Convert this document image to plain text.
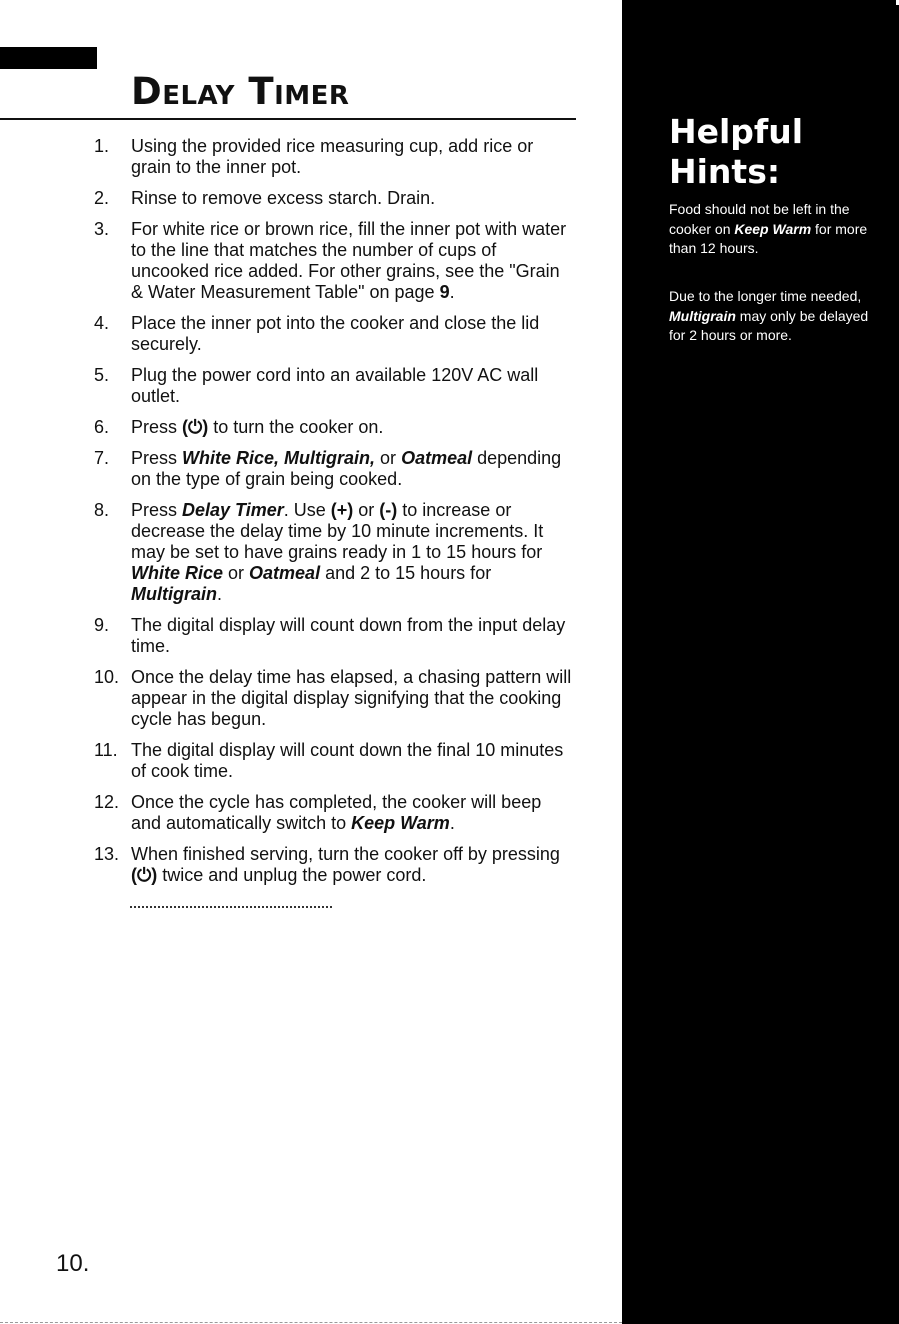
Delay Timer
1.	Using the provided rice measuring cup, add rice or grain to the inner pot.
2.	Rinse to remove excess starch. Drain.
3.	For white rice or brown rice, fill the inner pot with water to the line that matches the number of cups of uncooked rice added. For other grains, see the "Grain & Water Measurement Table" on page 9.
4.	Place the inner pot into the cooker and close the lid securely.
5.	Plug the power cord into an available 120V AC wall outlet.
6.	Press (⏻) to turn the cooker on.
7.	Press White Rice, Multigrain, or Oatmeal depending on the type of grain being cooked.
8.	Press Delay Timer. Use (+) or (-) to increase or decrease the delay time by 10 minute increments. It may be set to have grains ready in 1 to 15 hours for White Rice or Oatmeal and 2 to 15 hours for Multigrain.
9.	The digital display will count down from the input delay time.
10. Once the delay time has elapsed, a chasing pattern will appear in the digital display signifying that the cooking cycle has begun.
11. The digital display will count down the final 10 minutes of cook time.
12. Once the cycle has completed, the cooker will beep and automatically switch to Keep Warm.
13. When finished serving, turn the cooker off by pressing (⏻) twice and unplug the power cord.
10.
Helpful Hints:

Food should not be left in the cooker on Keep Warm for more than 12 hours.

Due to the longer time needed, Multigrain may only be delayed for 2 hours or more.
